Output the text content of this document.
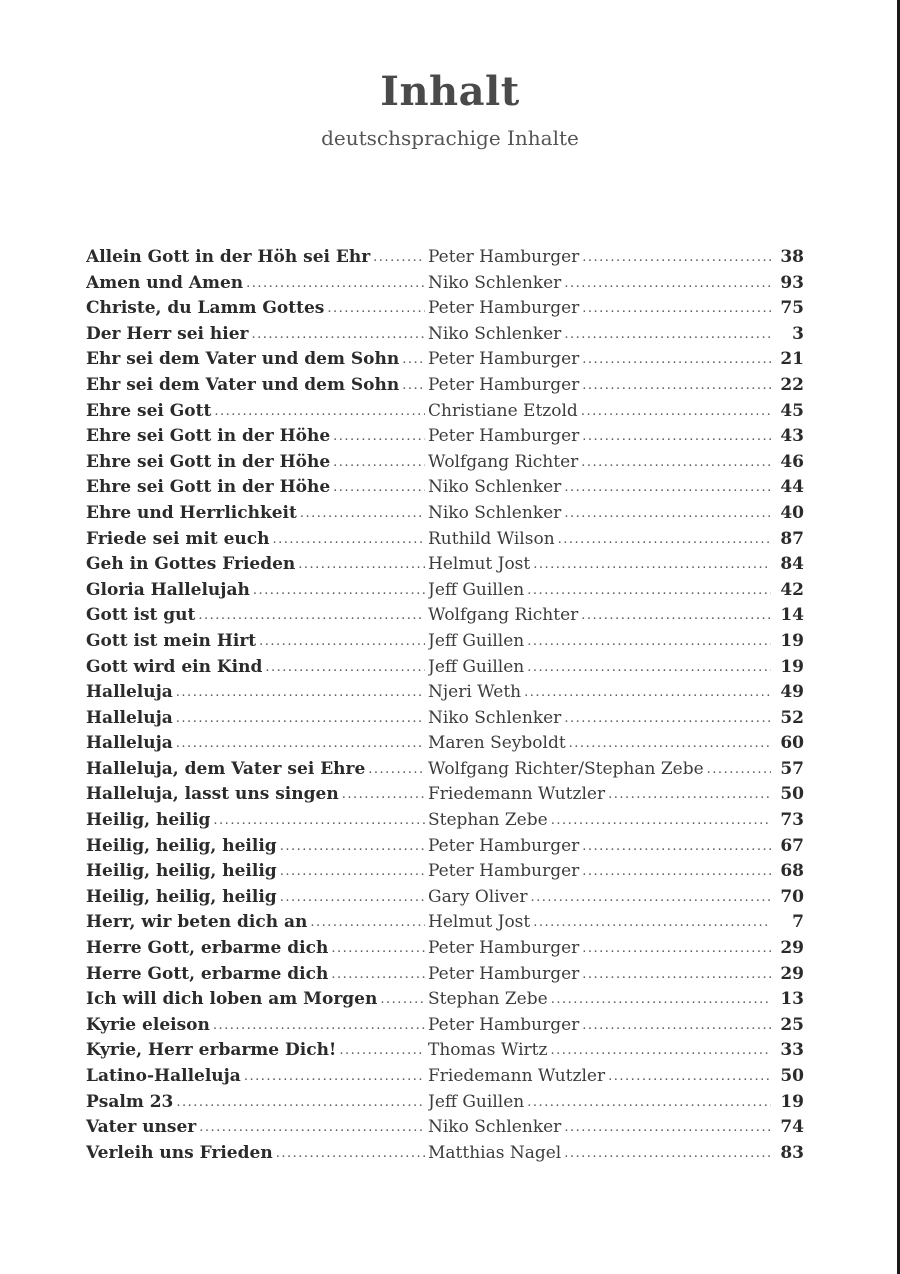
Inhalt
deutschsprachige Inhalte
Allein Gott in der Höh sei Ehr .....	Peter Hamburger .....	38
Amen und Amen .....	Niko Schlenker .....	93
Christe, du Lamm Gottes .....	Peter Hamburger .....	75
Der Herr sei hier .....	Niko Schlenker .....	3
Ehr sei dem Vater und dem Sohn ..... Peter Hamburger .....	21
Ehr sei dem Vater und dem Sohn ..... Peter Hamburger .....	22
Ehre sei Gott .....	Christiane Etzold .....	45
Ehre sei Gott in der Höhe .....	Peter Hamburger .....	43
Ehre sei Gott in der Höhe .....	Wolfgang Richter .....	46
Ehre sei Gott in der Höhe .....	Niko Schlenker .....	44
Ehre und Herrlichkeit .....	Niko Schlenker .....	40
Friede sei mit euch .....	Ruthild Wilson .....	87
Geh in Gottes Frieden .....	Helmut Jost .....	84
Gloria Hallelujah .....	Jeff Guillen .....	42
Gott ist gut .....	Wolfgang Richter .....	14
Gott ist mein Hirt .....	Jeff Guillen .....	19
Gott wird ein Kind .....	Jeff Guillen .....	19
Halleluja .....	Njeri Weth .....	49
Halleluja .....	Niko Schlenker .....	52
Halleluja .....	Maren Seyboldt .....	60
Halleluja, dem Vater sei Ehre .....	Wolfgang Richter/Stephan Zebe .....	57
Halleluja, lasst uns singen .....	Friedemann Wutzler .....	50
Heilig, heilig .....	Stephan Zebe .....	73
Heilig, heilig, heilig .....	Peter Hamburger .....	67
Heilig, heilig, heilig .....	Peter Hamburger .....	68
Heilig, heilig, heilig .....	Gary Oliver .....	70
Herr, wir beten dich an .....	Helmut Jost .....	7
Herre Gott, erbarme dich .....	Peter Hamburger .....	29
Herre Gott, erbarme dich .....	Peter Hamburger .....	29
Ich will dich loben am Morgen .....	Stephan Zebe .....	13
Kyrie eleison .....	Peter Hamburger .....	25
Kyrie, Herr erbarme Dich! .....	Thomas Wirtz .....	33
Latino-Halleluja .....	Friedemann Wutzler .....	50
Psalm 23 .....	Jeff Guillen .....	19
Vater unser .....	Niko Schlenker .....	74
Verleih uns Frieden .....	Matthias Nagel .....	83
